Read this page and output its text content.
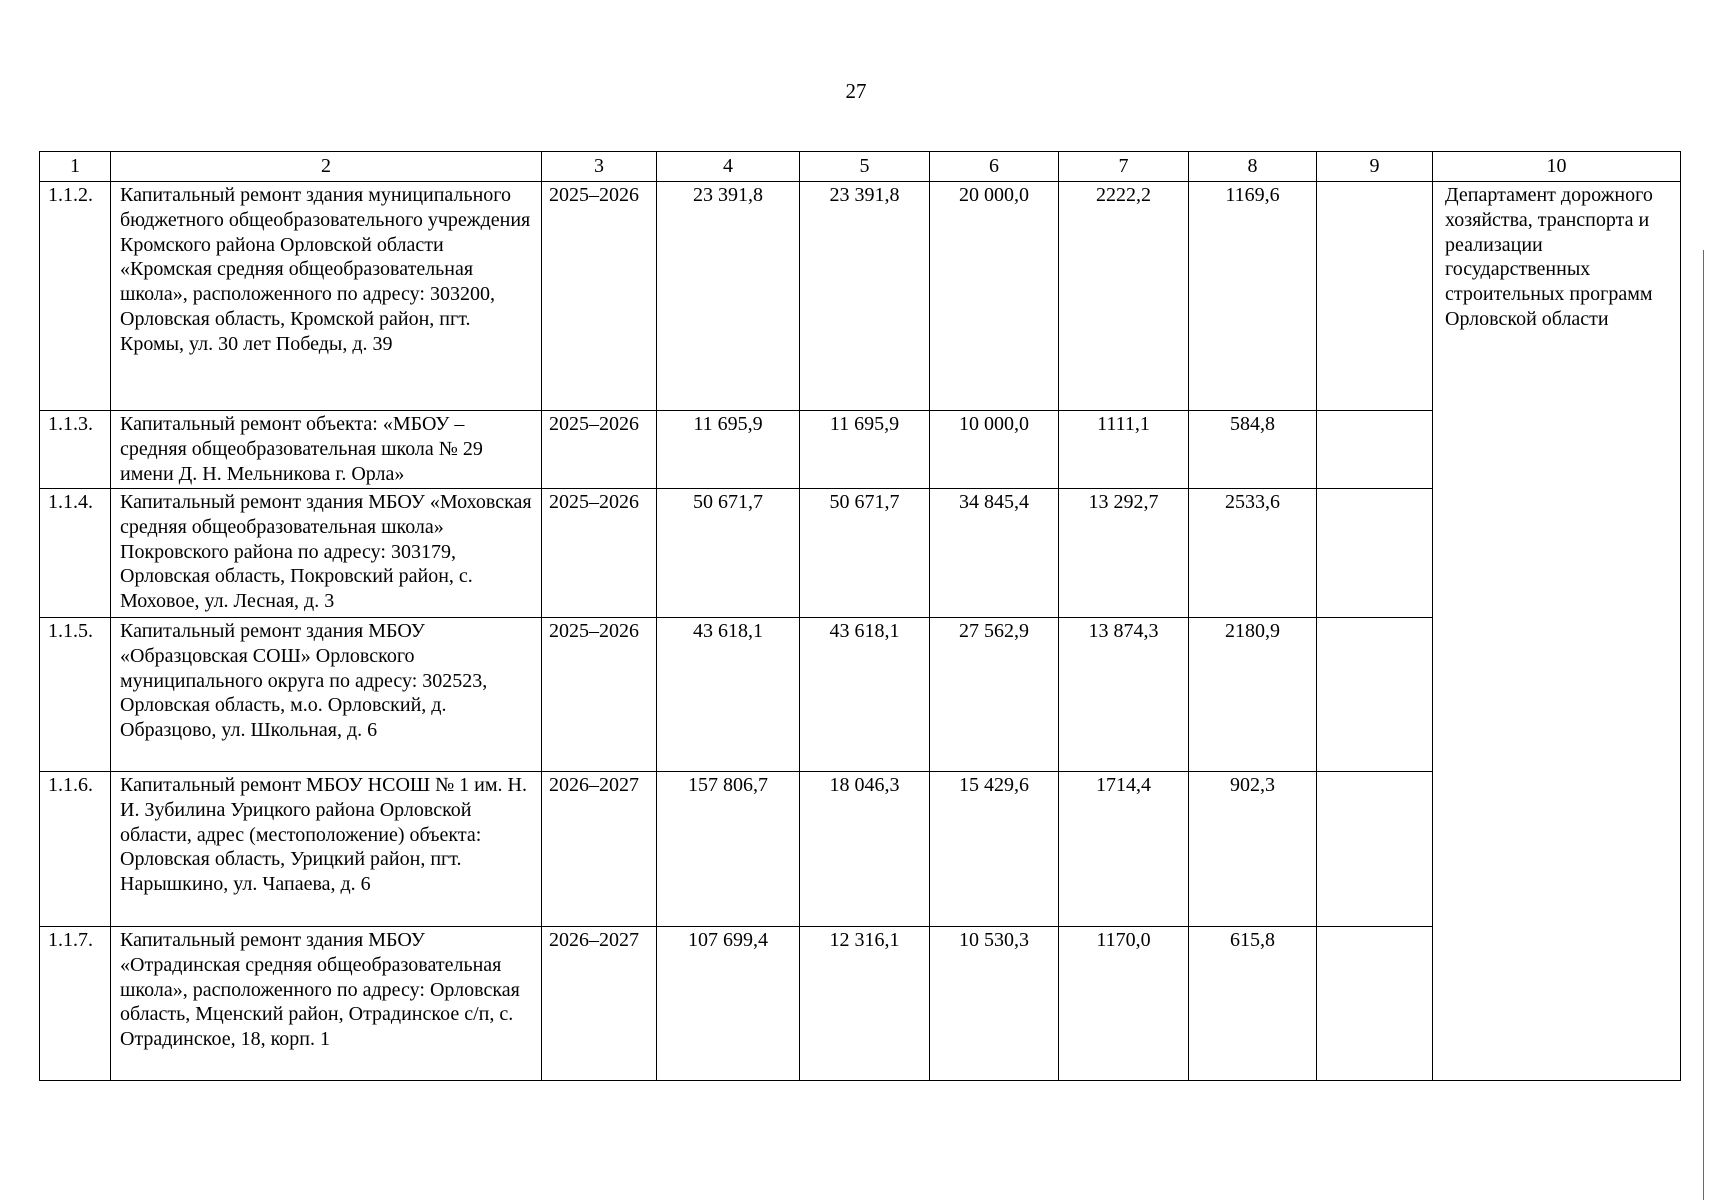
27
1	2	3	4	5	6	7	8	9	10
1.1.2.	Капитальный ремонт здания муниципального бюджетного общеобразовательного учреждения Кромского района Орловской области «Кромская средняя общеобразовательная школа», расположенного по адресу: 303200, Орловская область, Кромской район, пгт. Кромы, ул. 30 лет Победы, д. 39	2025–2026	23 391,8	23 391,8	20 000,0	2222,2	1169,6		Департамент дорожного хозяйства, транспорта и реализации государственных строительных программ Орловской области
1.1.3.	Капитальный ремонт объекта: «МБОУ – средняя общеобразовательная школа № 29 имени Д. Н. Мельникова г. Орла»	2025–2026	11 695,9	11 695,9	10 000,0	1111,1	584,8		
1.1.4.	Капитальный ремонт здания МБОУ «Моховская средняя общеобразовательная школа» Покровского района по адресу: 303179, Орловская область, Покровский район, с. Моховое, ул. Лесная, д. 3	2025–2026	50 671,7	50 671,7	34 845,4	13 292,7	2533,6		
1.1.5.	Капитальный ремонт здания МБОУ «Образцовская СОШ» Орловского муниципального округа по адресу: 302523, Орловская область, м.о. Орловский, д. Образцово, ул. Школьная, д. 6	2025–2026	43 618,1	43 618,1	27 562,9	13 874,3	2180,9		
1.1.6.	Капитальный ремонт МБОУ НСОШ № 1 им. Н. И. Зубилина Урицкого района Орловской области, адрес (местоположение) объекта: Орловская область, Урицкий район, пгт. Нарышкино, ул. Чапаева, д. 6	2026–2027	157 806,7	18 046,3	15 429,6	1714,4	902,3		
1.1.7.	Капитальный ремонт здания МБОУ «Отрадинская средняя общеобразовательная школа», расположенного по адресу: Орловская область, Мценский район, Отрадинское с/п, с. Отрадинское, 18, корп. 1	2026–2027	107 699,4	12 316,1	10 530,3	1170,0	615,8		
